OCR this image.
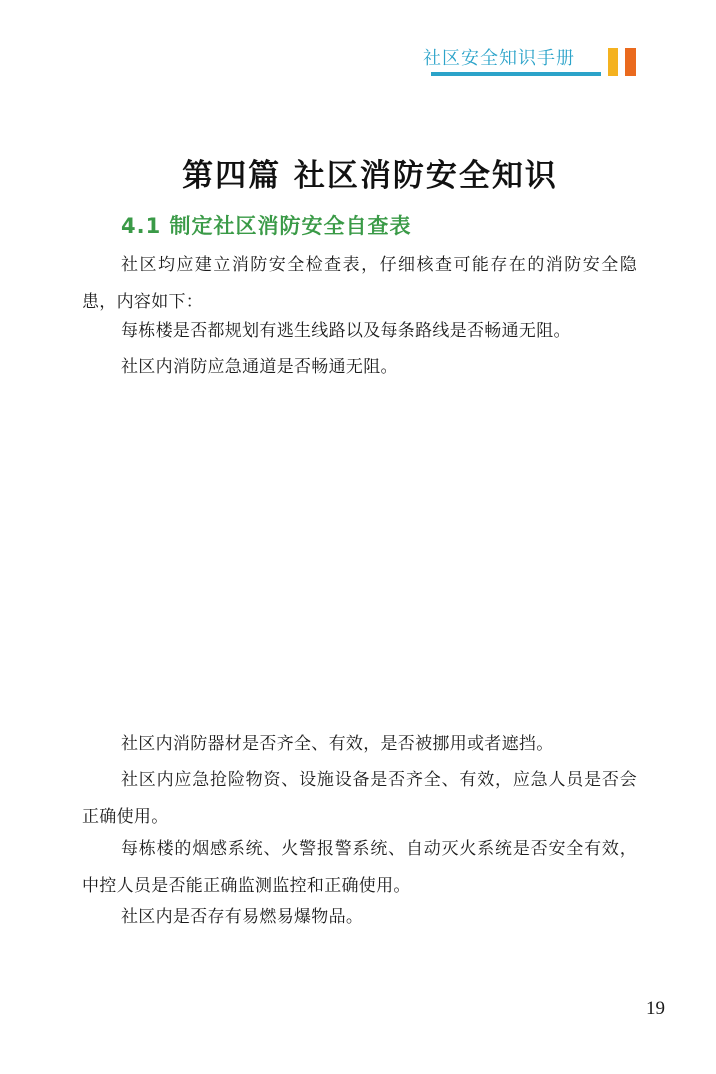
社区安全知识手册
第四篇 社区消防安全知识
4.1 制定社区消防安全自查表

社区均应建立消防安全检查表，仔细核查可能存在的消防安全隐患，内容如下：

每栋楼是否都规划有逃生线路以及每条路线是否畅通无阻。

社区内消防应急通道是否畅通无阻。

社区内消防器材是否齐全、有效，是否被挪用或者遮挡。

社区内应急抢险物资、设施设备是否齐全、有效，应急人员是否会正确使用。

每栋楼的烟感系统、火警报警系统、自动灭火系统是否安全有效，中控人员是否能正确监测监控和正确使用。

社区内是否存有易燃易爆物品。

19
